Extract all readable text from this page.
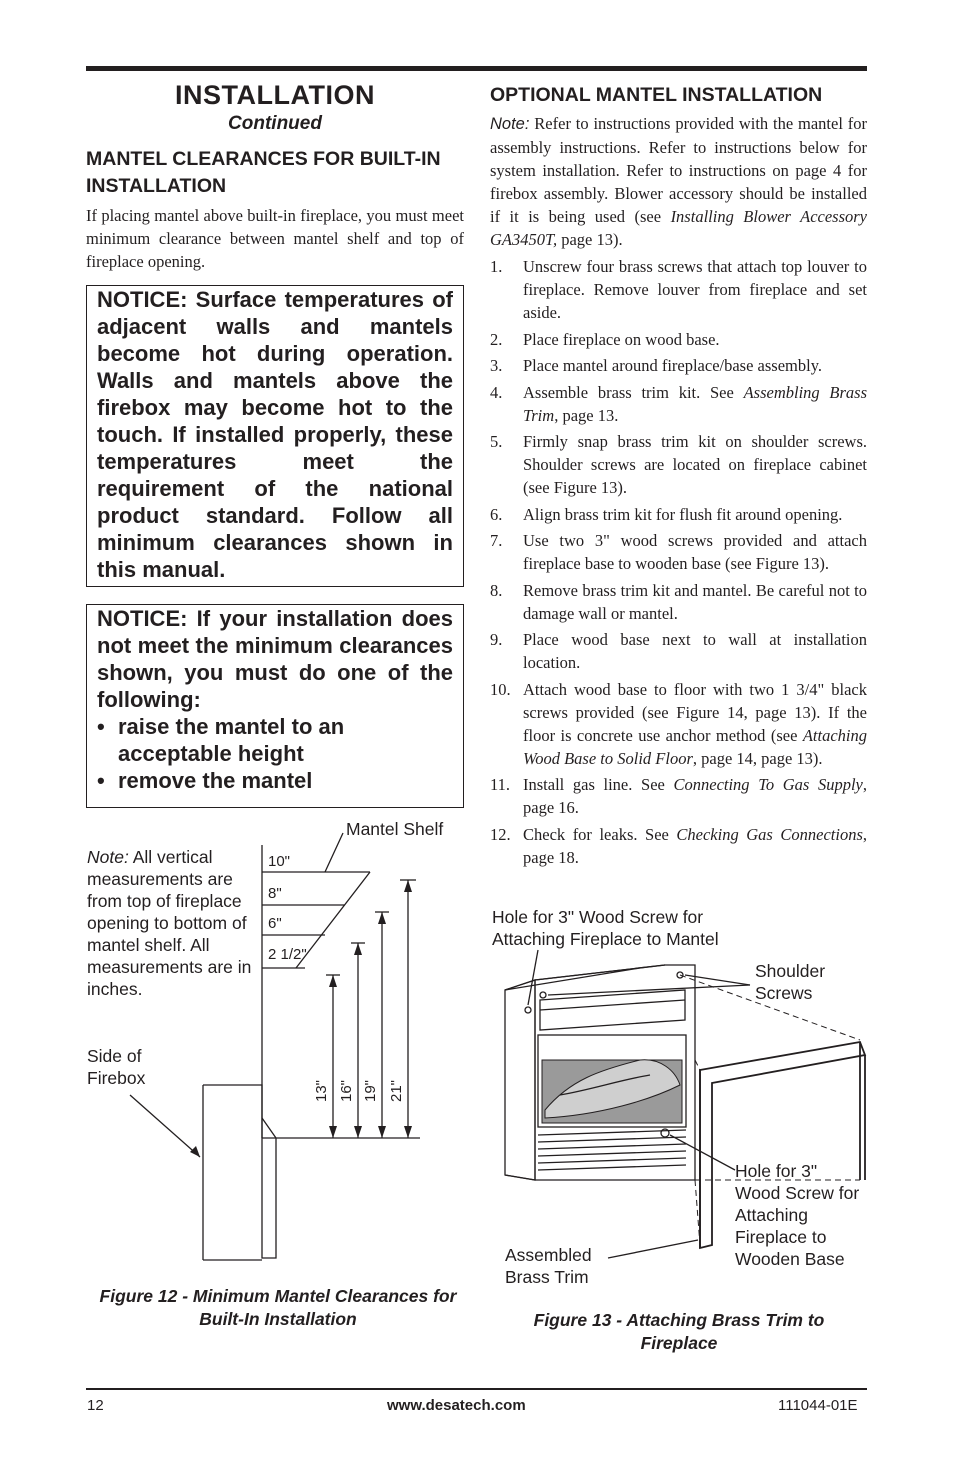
INSTALLATION
Continued
MANTEL CLEARANCES FOR BUILT-IN INSTALLATION
If placing mantel above built-in fireplace, you must meet minimum clearance between mantel shelf and top of fireplace opening.
NOTICE: Surface temperatures of adjacent walls and mantels become hot during operation. Walls and mantels above the firebox may become hot to the touch. If installed properly, these temperatures meet the requirement of the national product standard. Follow all minimum clearances shown in this manual.
NOTICE: If your installation does not meet the minimum clearances shown, you must do one of the following:
• raise the mantel to an acceptable height
• remove the mantel
Mantel Shelf
Note: All vertical measurements are from top of fireplace opening to bottom of mantel shelf. All measurements are in inches.
Side of Firebox
10"
8"
6"
2 1/2"
13" 16" 19" 21"
Figure 12 - Minimum Mantel Clearances for Built-In Installation
OPTIONAL MANTEL INSTALLATION
Note: Refer to instructions provided with the mantel for assembly instructions. Refer to instructions below for system installation. Refer to instructions on page 4 for firebox assembly. Blower accessory should be installed if it is being used (see Installing Blower Accessory GA3450T, page 13).
1. Unscrew four brass screws that attach top louver to fireplace. Remove louver from fireplace and set aside.
2. Place fireplace on wood base.
3. Place mantel around fireplace/base assembly.
4. Assemble brass trim kit. See Assembling Brass Trim, page 13.
5. Firmly snap brass trim kit on shoulder screws. Shoulder screws are located on fireplace cabinet (see Figure 13).
6. Align brass trim kit for flush fit around opening.
7. Use two 3" wood screws provided and attach fireplace base to wooden base (see Figure 13).
8. Remove brass trim kit and mantel. Be careful not to damage wall or mantel.
9. Place wood base next to wall at installation location.
10. Attach wood base to floor with two 1 3/4" black screws provided (see Figure 14, page 13). If the floor is concrete use anchor method (see Attaching Wood Base to Solid Floor, page 14, page 13).
11. Install gas line. See Connecting To Gas Supply, page 16.
12. Check for leaks. See Checking Gas Connections, page 18.
Hole for 3" Wood Screw for Attaching Fireplace to Mantel
Shoulder Screws
Hole for 3" Wood Screw for Attaching Fireplace to Wooden Base
Assembled Brass Trim
Figure 13 - Attaching Brass Trim to Fireplace
12	www.desatech.com	111044-01E
